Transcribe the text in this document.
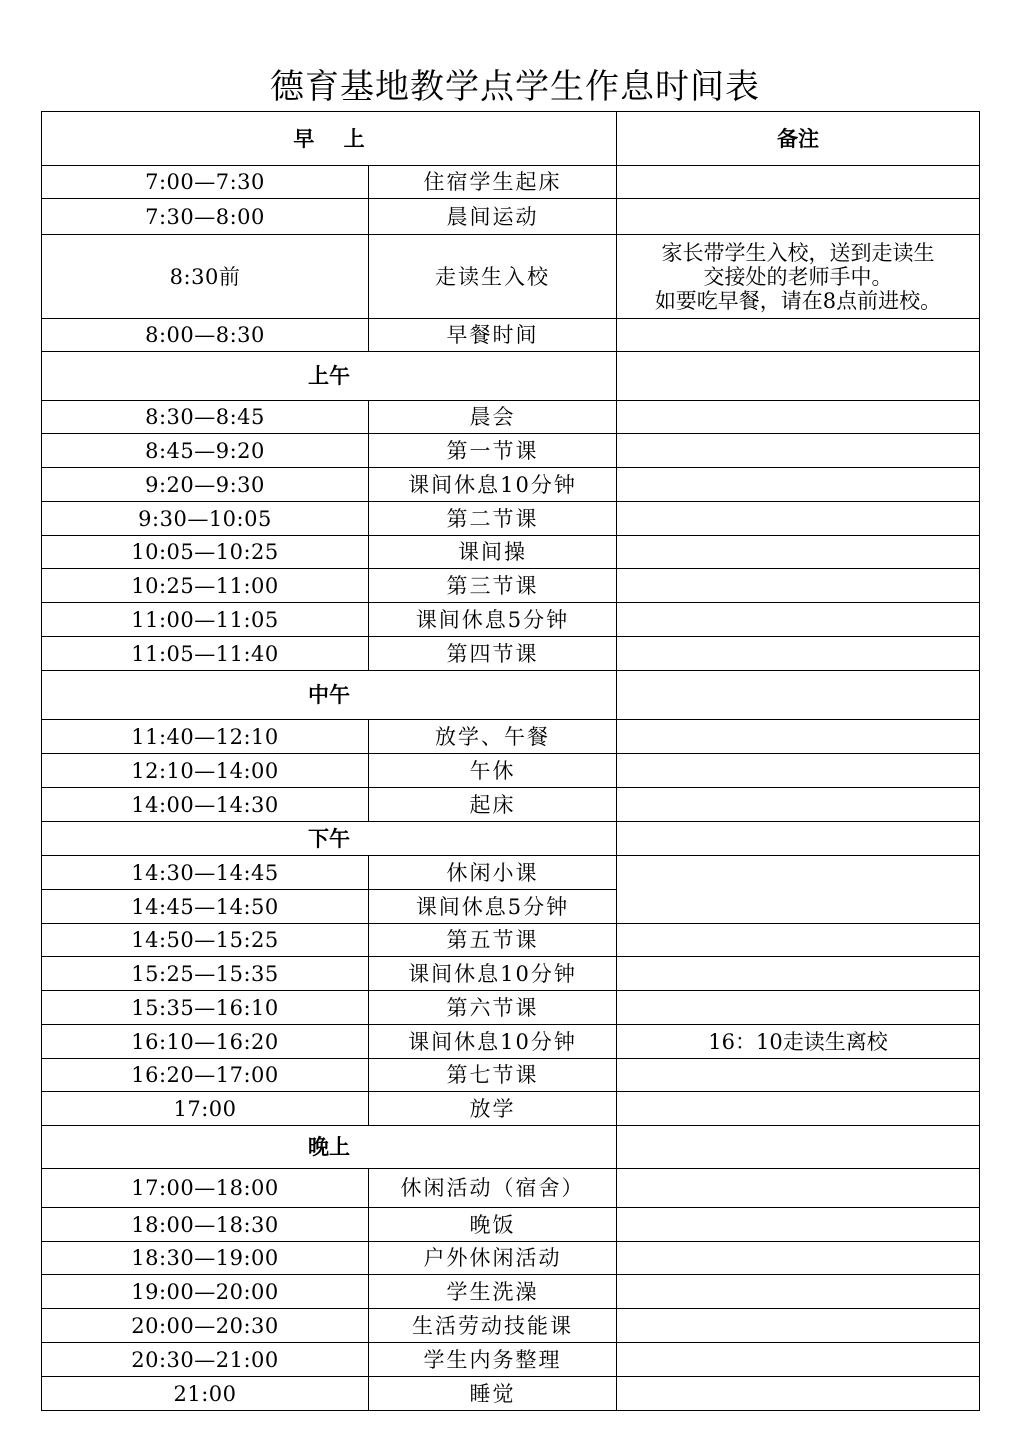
德育基地教学点学生作息时间表
早    上		备注
7:00—7:30	住宿学生起床	
7:30—8:00	晨间运动	
8:30前	走读生入校	家长带学生入校，送到走读生
交接处的老师手中。
如要吃早餐，请在8点前进校。

8:00—8:30	早餐时间	
上午		
8:30—8:45	晨会	
8:45—9:20	第一节课	
9:20—9:30	课间休息10分钟	
9:30—10:05	第二节课	
10:05—10:25	课间操	
10:25—11:00	第三节课	
11:00—11:05	课间休息5分钟	
11:05—11:40	第四节课	
中午		
11:40—12:10	放学、午餐	
12:10—14:00	午休	
14:00—14:30	起床	
下午		
14:30—14:45	休闲小课	
14:45—14:50	课间休息5分钟	
14:50—15:25	第五节课	
15:25—15:35	课间休息10分钟	
15:35—16:10	第六节课	
16:10—16:20	课间休息10分钟	16：10走读生离校
16:20—17:00	第七节课	
17:00	放学	
晚上		
17:00—18:00	休闲活动（宿舍）	
18:00—18:30	晚饭	
18:30—19:00	户外休闲活动	
19:00—20:00	学生洗澡	
20:00—20:30	生活劳动技能课	
20:30—21:00	学生内务整理	
21:00	睡觉	
